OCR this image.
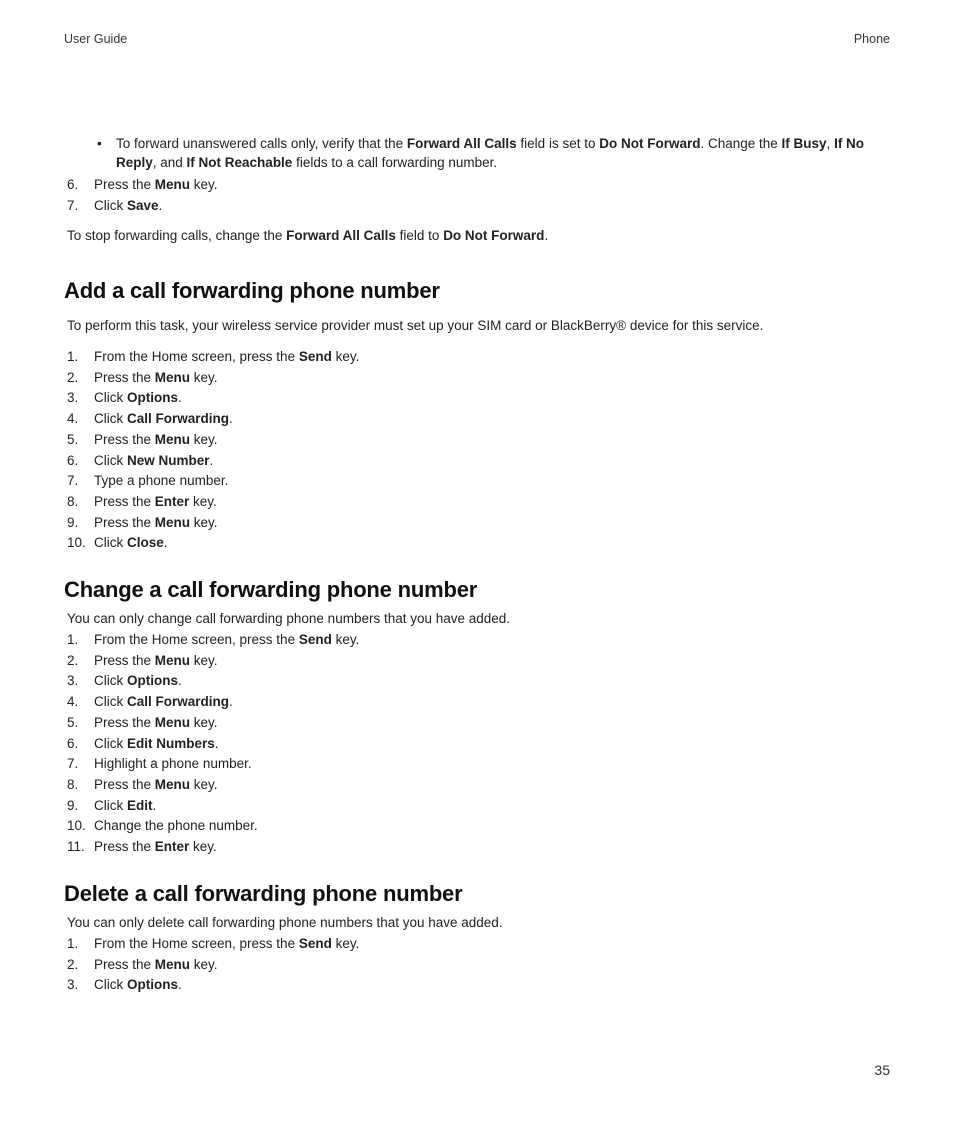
User Guide	Phone
• To forward unanswered calls only, verify that the Forward All Calls field is set to Do Not Forward. Change the If Busy, If No Reply, and If Not Reachable fields to a call forwarding number.
6. Press the Menu key.
7. Click Save.
To stop forwarding calls, change the Forward All Calls field to Do Not Forward.
Add a call forwarding phone number
To perform this task, your wireless service provider must set up your SIM card or BlackBerry® device for this service.
1. From the Home screen, press the Send key.
2. Press the Menu key.
3. Click Options.
4. Click Call Forwarding.
5. Press the Menu key.
6. Click New Number.
7. Type a phone number.
8. Press the Enter key.
9. Press the Menu key.
10. Click Close.
Change a call forwarding phone number
You can only change call forwarding phone numbers that you have added.
1. From the Home screen, press the Send key.
2. Press the Menu key.
3. Click Options.
4. Click Call Forwarding.
5. Press the Menu key.
6. Click Edit Numbers.
7. Highlight a phone number.
8. Press the Menu key.
9. Click Edit.
10. Change the phone number.
11. Press the Enter key.
Delete a call forwarding phone number
You can only delete call forwarding phone numbers that you have added.
1. From the Home screen, press the Send key.
2. Press the Menu key.
3. Click Options.
35
